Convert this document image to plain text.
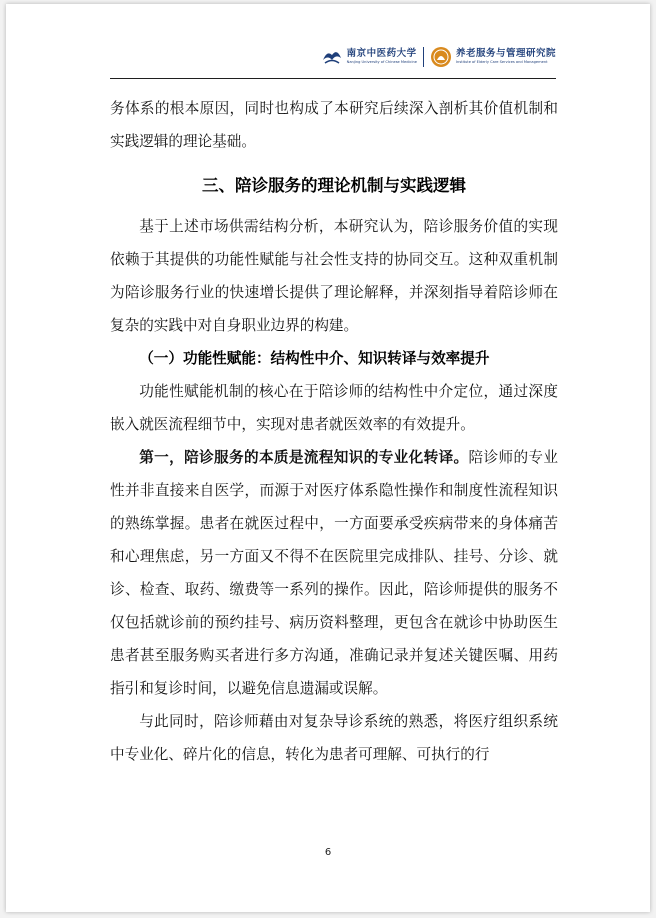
南京中医药大学
Nanjing University of Chinese Medicine
养老服务与管理研究院
Institute of Elderly Care Services and Management

务体系的根本原因，同时也构成了本研究后续深入剖析其价值机制和实践逻辑的理论基础。

三、陪诊服务的理论机制与实践逻辑

基于上述市场供需结构分析，本研究认为，陪诊服务价值的实现依赖于其提供的功能性赋能与社会性支持的协同交互。这种双重机制为陪诊服务行业的快速增长提供了理论解释，并深刻指导着陪诊师在复杂的实践中对自身职业边界的构建。

（一）功能性赋能：结构性中介、知识转译与效率提升

功能性赋能机制的核心在于陪诊师的结构性中介定位，通过深度嵌入就医流程细节中，实现对患者就医效率的有效提升。

第一，陪诊服务的本质是流程知识的专业化转译。陪诊师的专业性并非直接来自医学，而源于对医疗体系隐性操作和制度性流程知识的熟练掌握。患者在就医过程中，一方面要承受疾病带来的身体痛苦和心理焦虑，另一方面又不得不在医院里完成排队、挂号、分诊、就诊、检查、取药、缴费等一系列的操作。因此，陪诊师提供的服务不仅包括就诊前的预约挂号、病历资料整理，更包含在就诊中协助医生患者甚至服务购买者进行多方沟通，准确记录并复述关键医嘱、用药指引和复诊时间，以避免信息遗漏或误解。

与此同时，陪诊师藉由对复杂导诊系统的熟悉，将医疗组织系统中专业化、碎片化的信息，转化为患者可理解、可执行的行

6
